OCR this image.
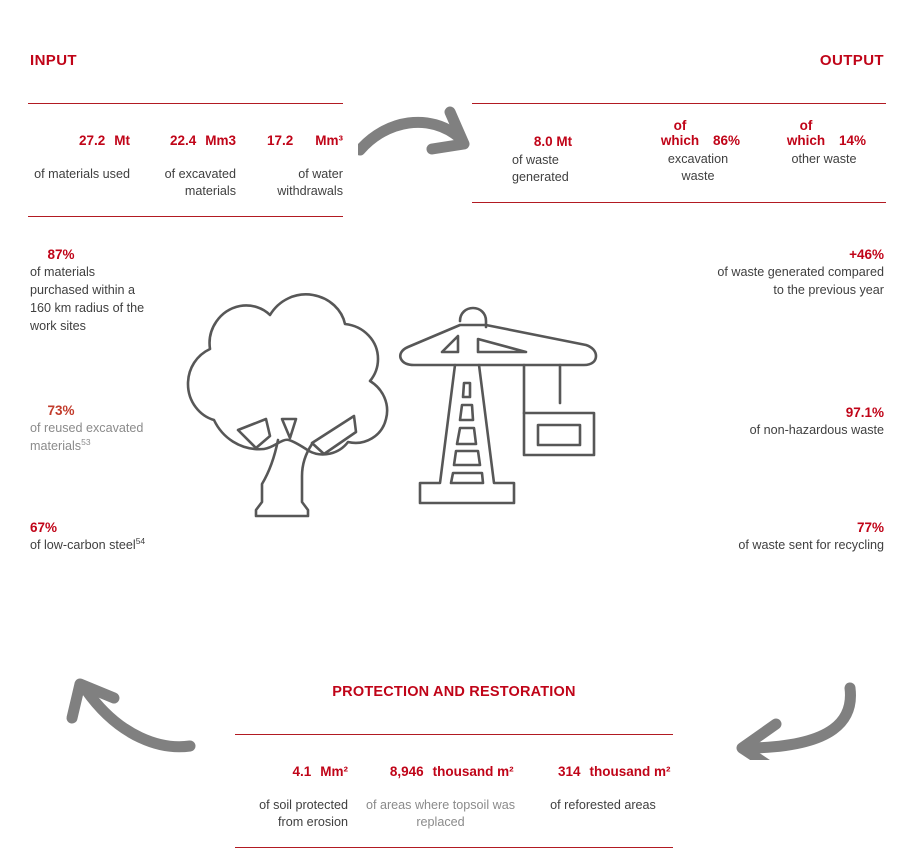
INPUT	OUTPUT

27.2 Mt

of materials used

22.4 Mm3

of excavated materials

17.2 Mm³

of water withdrawals
8.0 Mt
of waste generated
of
which	86%
excavation waste
of
which	14%
other waste
87%
of materials purchased within a 160 km radius of the work sites
73%
of reused excavated materials$^{53}$
67%
of low-carbon steel$^{54}$
+46%
of waste generated compared to the previous year
97.1%
of non-hazardous waste
77%
of waste sent for recycling
PROTECTION AND RESTORATION

4.1 Mm²

of soil protected from erosion

8,946 thousand m²

of areas where topsoil was replaced

314 thousand m²

of reforested areas
